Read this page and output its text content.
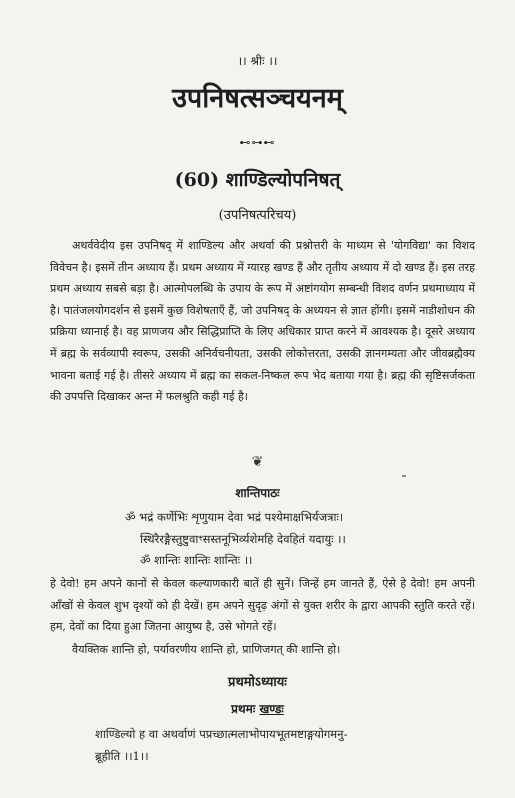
।। श्रीः ।।
उपनिषत्सञ्चयनम्
⊷⊶⊷
(60) शाण्डिल्योपनिषत्
(उपनिषत्परिचय)

अथर्ववेदीय इस उपनिषद् में शाण्डिल्य और अथर्वा की प्रश्नोत्तरी के माध्यम से 'योगविद्या' का विशद विवेचन है। इसमें तीन अध्याय हैं। प्रथम अध्याय में ग्यारह खण्ड हैं और तृतीय अध्याय में दो खण्ड हैं। इस तरह प्रथम अध्याय सबसे बड़ा है। आत्मोपलब्धि के उपाय के रूप में अष्टांगयोग सम्बन्धी विशद वर्णन प्रथमाध्याय में है। पातंजलयोगदर्शन से इसमें कुछ विशेषताएँ हैं, जो उपनिषद् के अध्ययन से ज्ञात होंगी। इसमें नाडीशोधन की प्रक्रिया ध्यानार्ह है। वह प्राणजय और सिद्धिप्राप्ति के लिए अधिकार प्राप्त करने में आवश्यक है। दूसरे अध्याय में ब्रह्म के सर्वव्यापी स्वरूप, उसकी अनिर्वचनीयता, उसकी लोकोत्तरता, उसकी ज्ञानगम्यता और जीवब्रह्मैक्य भावना बताई गई है। तीसरे अध्याय में ब्रह्म का सकल-निष्कल रूप भेद बताया गया है। ब्रह्म की सृष्टिसर्जकता की उपपत्ति दिखाकर अन्त में फलश्रुति कही गई है।

❦
शान्तिपाठः
ॐ भद्रं कर्णेभिः शृणुयाम देवा भद्रं पश्येमाक्षभिर्यजत्राः।
स्थिरैरङ्गैस्तुष्टुवाꣳसस्तनूभिर्व्यशेमहि देवहितं यदायुः ।।
ॐ शान्तिः शान्तिः शान्तिः ।।

हे देवो! हम अपने कानों से केवल कल्याणकारी बातें ही सुनें। जिन्हें हम जानते हैं, ऐसे हे देवो! हम अपनी आँखों से केवल शुभ दृश्यों को ही देखें। हम अपने सुदृढ़ अंगों से युक्त शरीर के द्वारा आपकी स्तुति करते रहें। हम, देवों का दिया हुआ जितना आयुष्य है, उसे भोगते रहें।

वैयक्तिक शान्ति हो, पर्यावरणीय शान्ति हो, प्राणिजगत् की शान्ति हो।

प्रथमोऽध्यायः
प्रथमः खण्डः

शाण्डिल्यो ह वा अथर्वाणं पप्रच्छात्मलाभोपायभूतमष्टाङ्गयोगमनु-
ब्रूहीति ।।1।।
